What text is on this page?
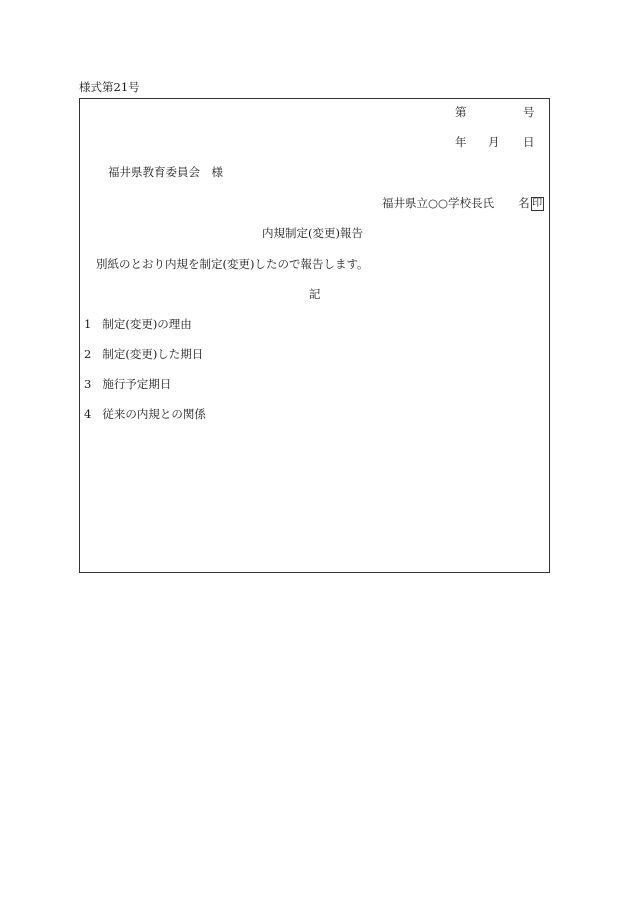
様式第21号
第	号
年 月 日
福井県教育委員会　様
福井県立○○学校長氏 名 印
内規制定(変更)報告
別紙のとおり内規を制定(変更)したので報告します。
記
1 制定(変更)の理由
2 制定(変更)した期日
3 施行予定期日
4 従来の内規との関係
